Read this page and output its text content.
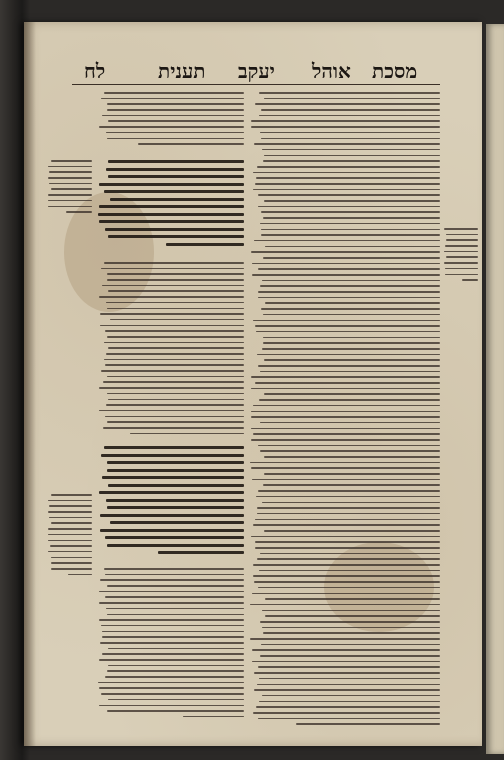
מסכת
אוהל
יעקב
תענית
לח
